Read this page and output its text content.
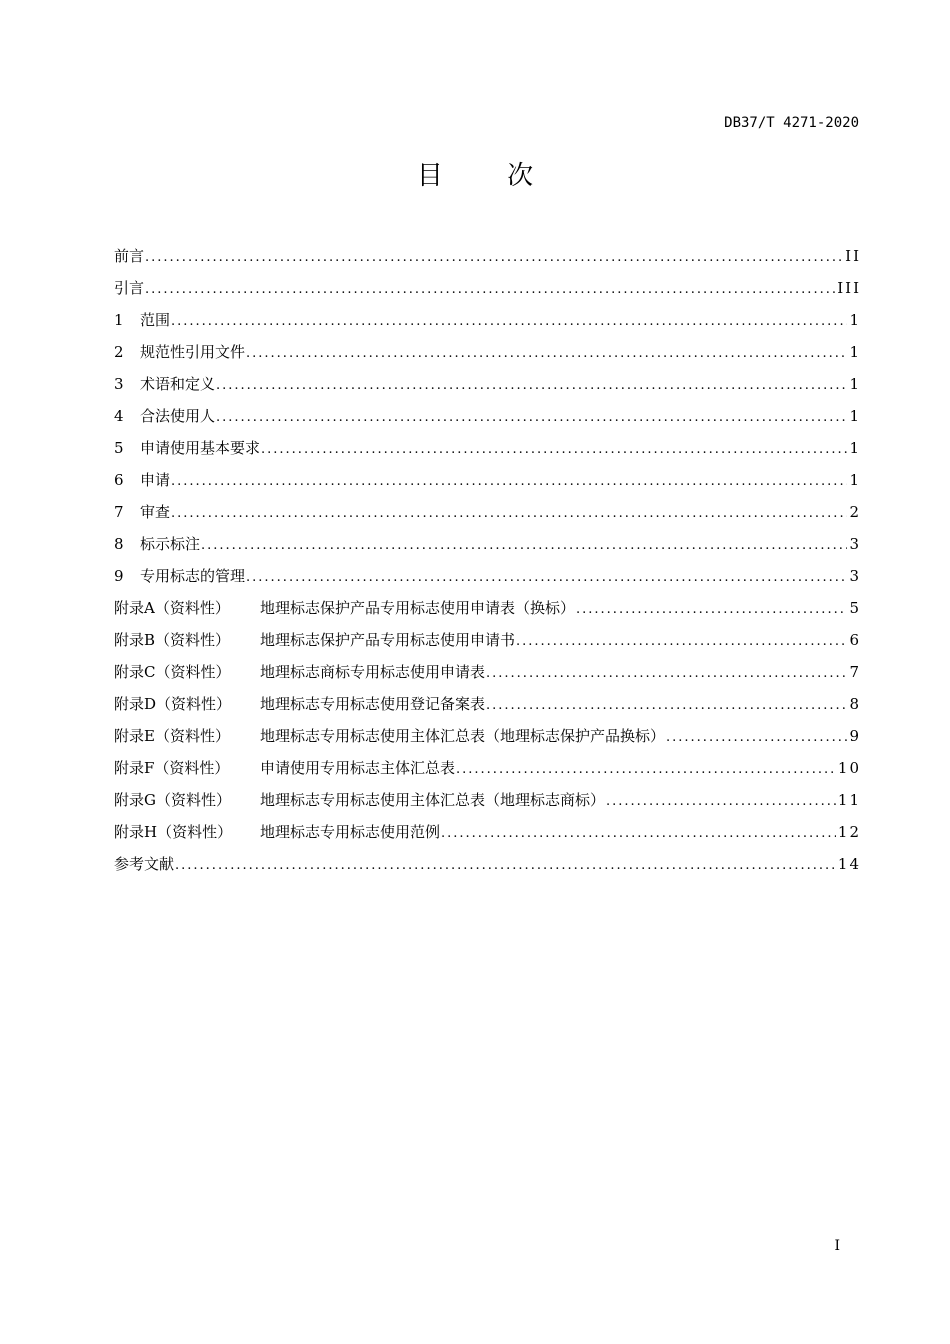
DB37/T 4271-2020
目 次
前言 .....	II
引言 .....	III
1	范围 .....	1
2	规范性引用文件 .....	1
3	术语和定义 .....	1
4	合法使用人 .....	1
5	申请使用基本要求 .....	1
6	申请 .....	1
7	审查 .....	2
8	标示标注 .....	3
9	专用标志的管理 .....	3
附录A（资料性）	地理标志保护产品专用标志使用申请表（换标） .....	5
附录B（资料性）	地理标志保护产品专用标志使用申请书 .....	6
附录C（资料性）	地理标志商标专用标志使用申请表 .....	7
附录D（资料性）	地理标志专用标志使用登记备案表 .....	8
附录E（资料性）	地理标志专用标志使用主体汇总表（地理标志保护产品换标） .....	9
附录F（资料性）	申请使用专用标志主体汇总表 .....	10
附录G（资料性）	地理标志专用标志使用主体汇总表（地理标志商标） .....	11
附录H（资料性）	地理标志专用标志使用范例 .....	12
参考文献 .....	14
I
